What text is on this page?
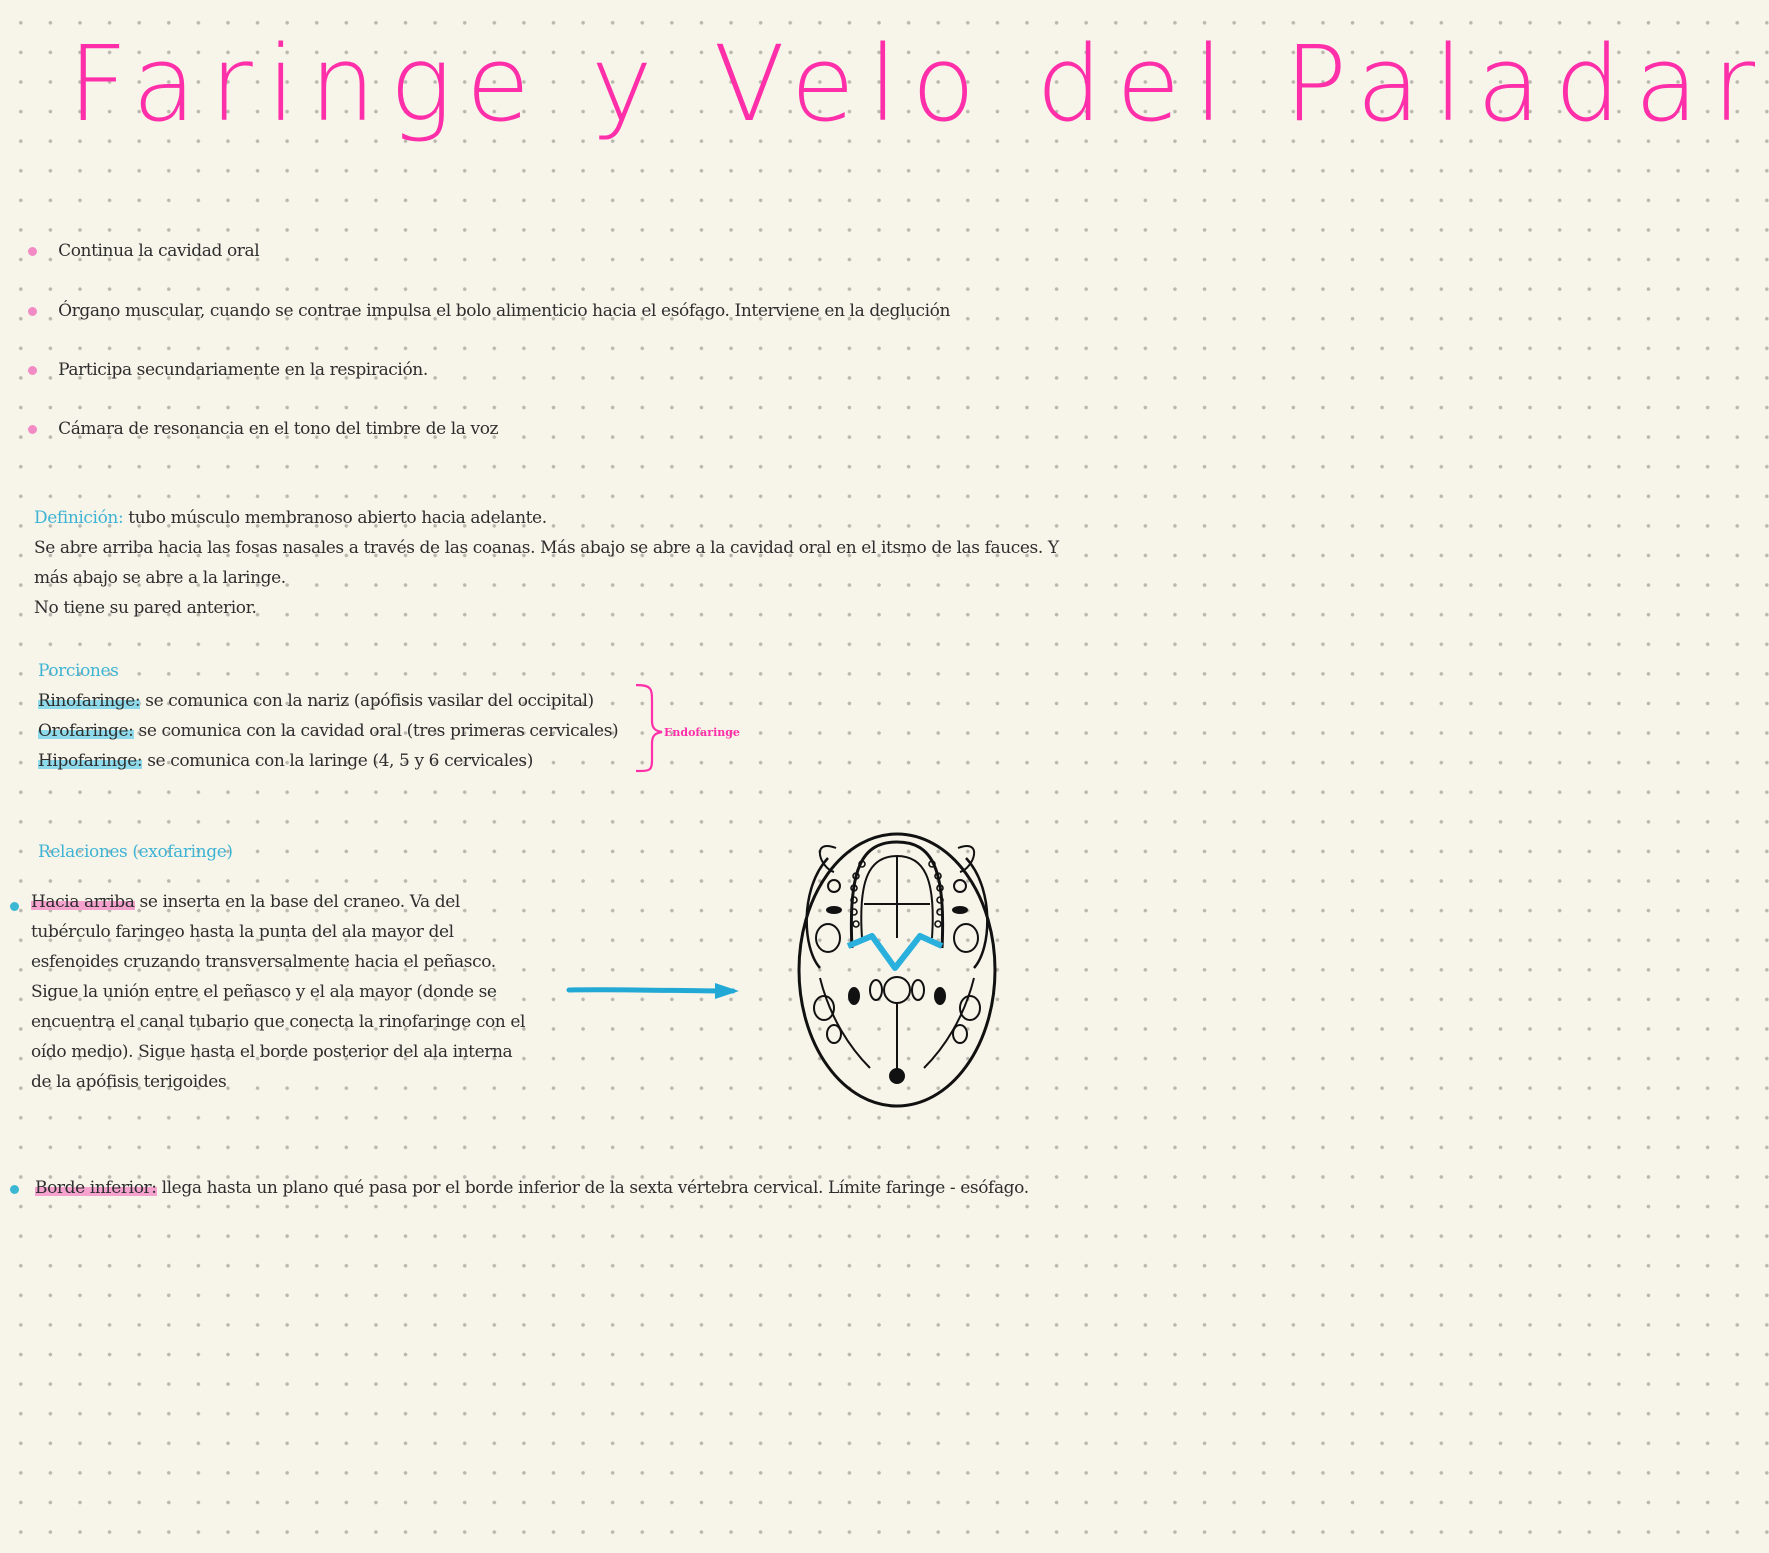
Faringe y Velo del Paladar
Continua la cavidad oral
Órgano muscular, cuando se contrae impulsa el bolo alimenticio hacia el esófago. Interviene en la deglución
Participa secundariamente en la respiración.
Cámara de resonancia en el tono del timbre de la voz
Definición: tubo músculo membranoso abierto hacia adelante.
Se abre arriba hacia las fosas nasales a través de las coanas. Más abajo se abre a la cavidad oral en el itsmo de las fauces. Y
más abajo se abre a la laringe.
No tiene su pared anterior.
Porciones
Rinofaringe: se comunica con la nariz (apófisis vasilar del occipital)
Orofaringe: se comunica con la cavidad oral (tres primeras cervicales)
Hipofaringe: se comunica con la laringe (4, 5 y 6 cervicales)
Endofaringe
Relaciones (exofaringe)
Hacia arriba se inserta en la base del craneo. Va del
tubérculo faringeo hasta la punta del ala mayor del
esfenoides cruzando transversalmente hacia el peñasco.
Sigue la unión entre el peñasco y el ala mayor (donde se
encuentra el canal tubario que conecta la rinofaringe con el
oído medio). Sigue hasta el borde posterior del ala interna
de la apófisis terigoides
Borde inferior: llega hasta un plano qué pasa por el borde inferior de la sexta vértebra cervical. Límite faringe - esófago.
